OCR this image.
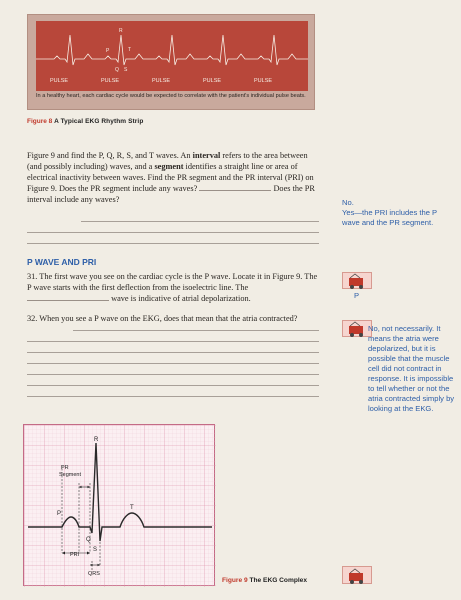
R
P	T
Q S
PULSE	PULSE	PULSE	PULSE	PULSE
In a healthy heart, each cardiac cycle would be expected to correlate with the patient's individual pulse beats.
Figure 8 A Typical EKG Rhythm Strip
Figure 9 and find the P, Q, R, S, and T waves. An interval refers to the area between (and possibly including) waves, and a segment identifies a straight line or area of electrical inactivity between waves. Find the PR segment and the PR interval (PRI) on Figure 9. Does the PR segment include any waves?	Does the PR interval include any waves?	No.
Yes—the PRI includes the P wave and the PR segment.
P WAVE AND PRI
31. The first wave you see on the cardiac cycle is the P wave. Locate it in Figure 9. The P wave starts with the first deflection from the isoelectric line. The  wave is indicative of atrial depolarization.	P
32. When you see a P wave on the EKG, does that mean that the atria contracted?
No, not necessarily. It means the atria were depolarized, but it is possible that the muscle cell did not contract in response. It is impossible to tell whether or not the atria contracted simply by looking at the EKG.
R
P
T
Q
S
PR
Segment
PRI
QRS
Figure 9 The EKG Complex
